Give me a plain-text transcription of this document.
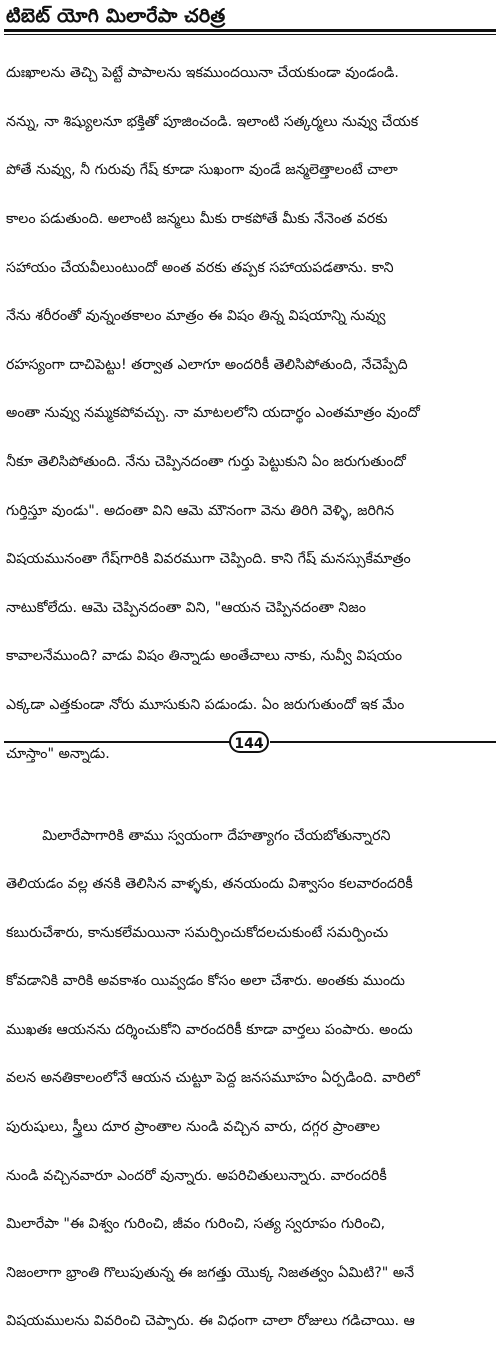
టిబెట్ యోగి మిలారేపా చరిత్ర

దుఃఖాలను తెచ్చి పెట్టే పాపాలను ఇకముందయినా చేయకుండా వుండండి.

నన్ను, నా శిష్యులనూ భక్తితో పూజించండి. ఇలాంటి సత్కర్మలు నువ్వు చేయక

పోతే నువ్వు, నీ గురువు గేష్ కూడా సుఖంగా వుండే జన్మలెత్తాలంటే చాలా

కాలం పడుతుంది. అలాంటి జన్మలు మీకు రాకపోతే మీకు నేనెంత వరకు

సహాయం చేయవీలుంటుందో అంత వరకు తప్పక సహాయపడతాను. కాని

నేను శరీరంతో వున్నంతకాలం మాత్రం ఈ విషం తిన్న విషయాన్ని నువ్వు

రహస్యంగా దాచిపెట్టు! తర్వాత ఎలాగూ అందరికీ తెలిసిపోతుంది, నేచెప్పేది

అంతా నువ్వు నమ్మకపోవచ్చు. నా మాటలలోని యదార్థం ఎంతమాత్రం వుందో

నీకూ తెలిసిపోతుంది. నేను చెప్పినదంతా గుర్తు పెట్టుకుని ఏం జరుగుతుందో

గుర్తిస్తూ వుండు". అదంతా విని ఆమె మౌనంగా వెను తిరిగి వెళ్ళి, జరిగిన

విషయమునంతా గేష్‌గారికి వివరముగా చెప్పింది. కాని గేష్ మనస్సుకేమాత్రం

నాటుకోలేదు. ఆమె చెప్పినదంతా విని, "ఆయన చెప్పినదంతా నిజం

కావాలనేముంది? వాడు విషం తిన్నాడు అంతేచాలు నాకు, నువ్వీ విషయం

ఎక్కడా ఎత్తకుండా నోరు మూసుకుని పడుండు. ఏం జరుగుతుందో ఇక మేం

చూస్తాం" అన్నాడు.

మిలారేపాగారికి తాము స్వయంగా దేహత్యాగం చేయబోతున్నారని

తెలియడం వల్ల తనకి తెలిసిన వాళ్ళకు, తనయందు విశ్వాసం కలవారందరికీ

కబురుచేశారు, కానుకలేమయినా సమర్పించుకోదలచుకుంటే సమర్పించు

కోవడానికి వారికి అవకాశం యివ్వడం కోసం అలా చేశారు. అంతకు ముందు

ముఖతః ఆయనను దర్శించుకోని వారందరికీ కూడా వార్తలు పంపారు. అందు

వలన అనతికాలంలోనే ఆయన చుట్టూ పెద్ద జనసమూహం ఏర్పడింది. వారిలో

పురుషులు, స్త్రీలు దూర ప్రాంతాల నుండి వచ్చిన వారు, దగ్గర ప్రాంతాల

నుండి వచ్చినవారూ ఎందరో వున్నారు. అపరిచితులున్నారు. వారందరికీ

మిలారేపా "ఈ విశ్వం గురించి, జీవం గురించి, సత్య స్వరూపం గురించి,

నిజంలాగా భ్రాంతి గొలుపుతున్న ఈ జగత్తు యొక్క నిజతత్వం ఏమిటి?" అనే

విషయములను వివరించి చెప్పారు. ఈ విధంగా చాలా రోజులు గడిచాయి. ఆ

144
